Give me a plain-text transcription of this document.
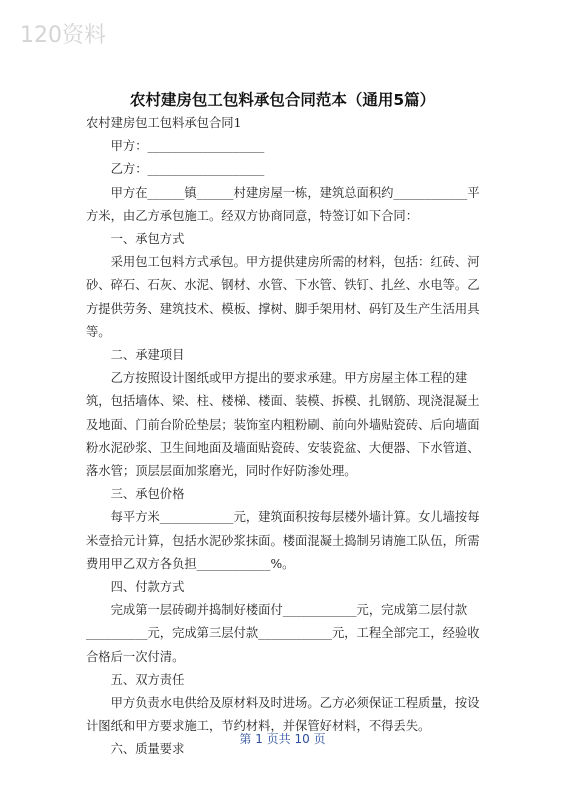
120资料
农村建房包工包料承包合同范本（通用5篇）

农村建房包工包料承包合同1

甲方：___________________

乙方：___________________

甲方在______镇______村建房屋一栋，建筑总面积约____________平方米，由乙方承包施工。经双方协商同意，特签订如下合同：

一、承包方式

采用包工包料方式承包。甲方提供建房所需的材料，包括：红砖、河砂、碎石、石灰、水泥、钢材、水管、下水管、铁钉、扎丝、水电等。乙方提供劳务、建筑技术、模板、撑树、脚手架用材、码钉及生产生活用具等。

二、承建项目

乙方按照设计图纸或甲方提出的要求承建。甲方房屋主体工程的建筑，包括墙体、梁、柱、楼梯、楼面、装模、拆模、扎钢筋、现浇混凝土及地面、门前台阶砼垫层；装饰室内粗粉刷、前向外墙贴瓷砖、后向墙面粉水泥砂浆、卫生间地面及墙面贴瓷砖、安装瓷盆、大便器、下水管道、落水管；顶层层面加浆磨光，同时作好防渗处理。

三、承包价格

每平方米____________元，建筑面积按每层楼外墙计算。女儿墙按每米壹拾元计算，包括水泥砂浆抹面。楼面混凝土捣制另请施工队伍，所需费用甲乙双方各负担____________%。

四、付款方式

完成第一层砖砌并捣制好楼面付____________元，完成第二层付款__________元，完成第三层付款____________元，工程全部完工，经验收合格后一次付清。

五、双方责任

甲方负责水电供给及原材料及时进场。乙方必须保证工程质量，按设计图纸和甲方要求施工，节约材料，并保管好材料，不得丢失。

六、质量要求

第 1 页共 10 页
